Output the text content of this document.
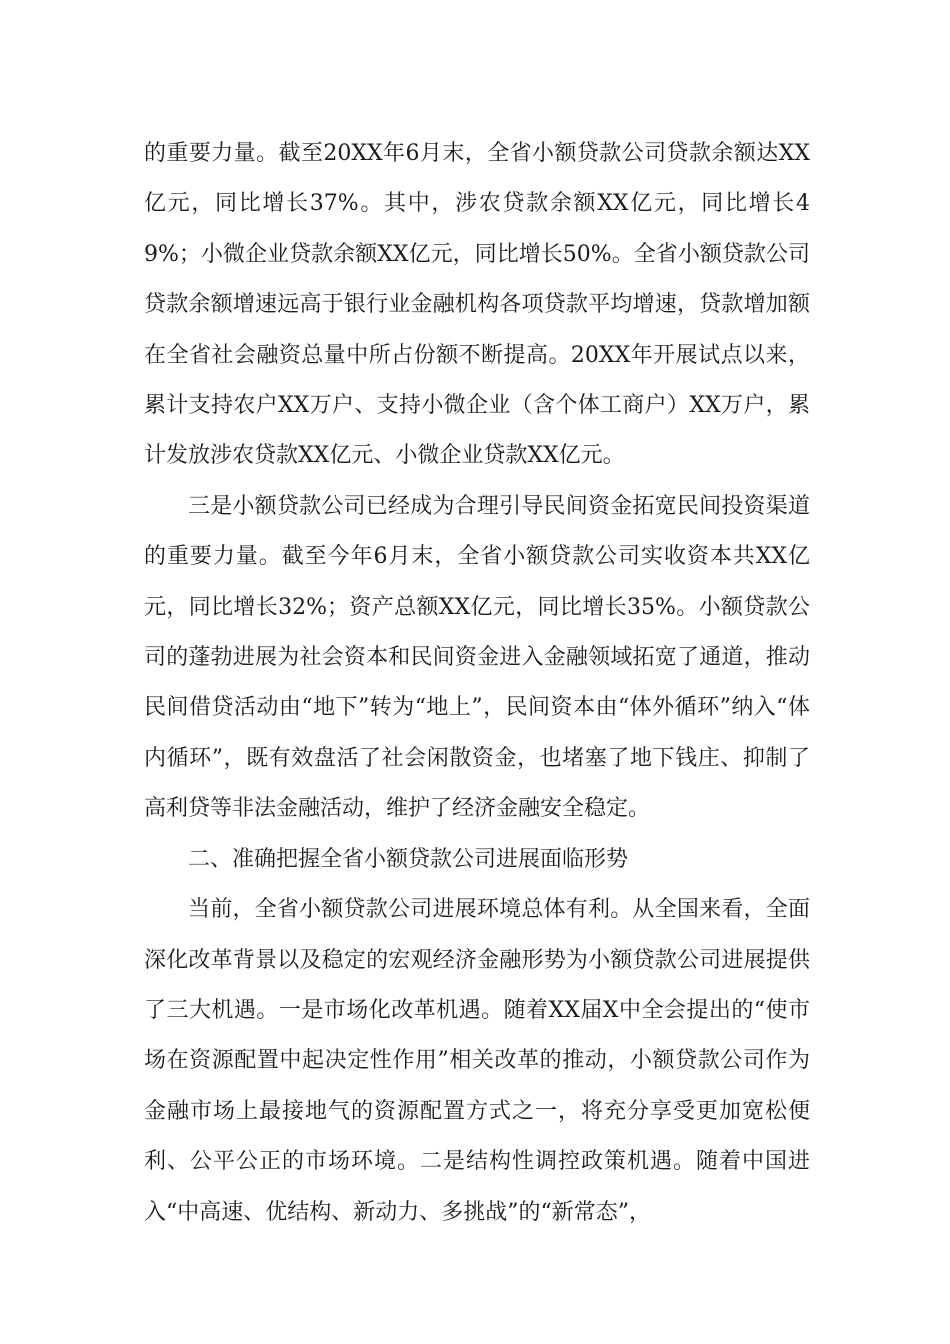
的重要力量。截至20XX年6月末，全省小额贷款公司贷款余额达XX亿元，同比增长37%。其中，涉农贷款余额XX亿元，同比增长49%；小微企业贷款余额XX亿元，同比增长50%。全省小额贷款公司贷款余额增速远高于银行业金融机构各项贷款平均增速，贷款增加额在全省社会融资总量中所占份额不断提高。20XX年开展试点以来，累计支持农户XX万户、支持小微企业（含个体工商户）XX万户，累计发放涉农贷款XX亿元、小微企业贷款XX亿元。

三是小额贷款公司已经成为合理引导民间资金拓宽民间投资渠道的重要力量。截至今年6月末，全省小额贷款公司实收资本共XX亿元，同比增长32%；资产总额XX亿元，同比增长35%。小额贷款公司的蓬勃进展为社会资本和民间资金进入金融领域拓宽了通道，推动民间借贷活动由“地下”转为“地上”，民间资本由“体外循环”纳入“体内循环”，既有效盘活了社会闲散资金，也堵塞了地下钱庄、抑制了高利贷等非法金融活动，维护了经济金融安全稳定。

二、准确把握全省小额贷款公司进展面临形势

当前，全省小额贷款公司进展环境总体有利。从全国来看，全面深化改革背景以及稳定的宏观经济金融形势为小额贷款公司进展提供了三大机遇。一是市场化改革机遇。随着XX届X中全会提出的“使市场在资源配置中起决定性作用”相关改革的推动，小额贷款公司作为金融市场上最接地气的资源配置方式之一，将充分享受更加宽松便利、公平公正的市场环境。二是结构性调控政策机遇。随着中国进入“中高速、优结构、新动力、多挑战”的“新常态”，
